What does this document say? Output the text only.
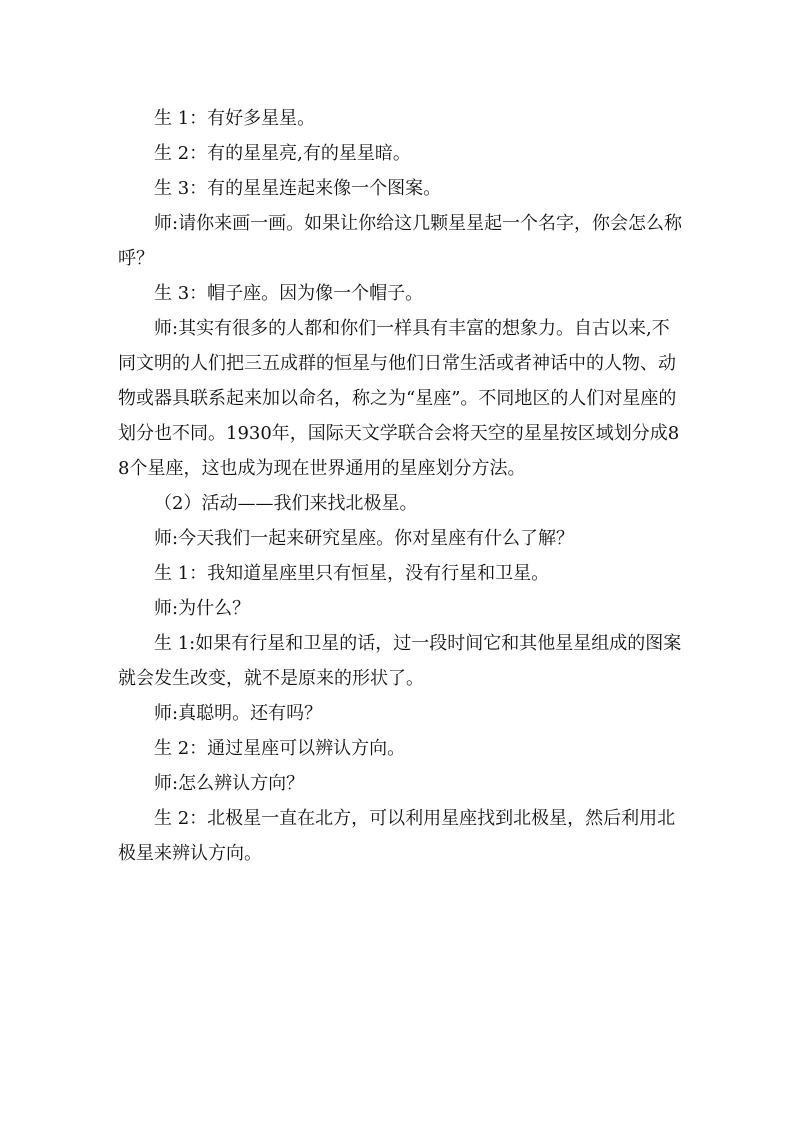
生 1：有好多星星。

生 2：有的星星亮,有的星星暗。

生 3：有的星星连起来像一个图案。

师:请你来画一画。如果让你给这几颗星星起一个名字，你会怎么称呼？

生 3：帽子座。因为像一个帽子。

师:其实有很多的人都和你们一样具有丰富的想象力。自古以来,不同文明的人们把三五成群的恒星与他们日常生活或者神话中的人物、动物或器具联系起来加以命名，称之为“星座”。不同地区的人们对星座的划分也不同。1930年，国际天文学联合会将天空的星星按区域划分成88个星座，这也成为现在世界通用的星座划分方法。

（2）活动——我们来找北极星。

师:今天我们一起来研究星座。你对星座有什么了解？

生 1：我知道星座里只有恒星，没有行星和卫星。

师:为什么？

生 1:如果有行星和卫星的话，过一段时间它和其他星星组成的图案就会发生改变，就不是原来的形状了。

师:真聪明。还有吗？

生 2：通过星座可以辨认方向。

师:怎么辨认方向？

生 2：北极星一直在北方，可以利用星座找到北极星，然后利用北极星来辨认方向。
